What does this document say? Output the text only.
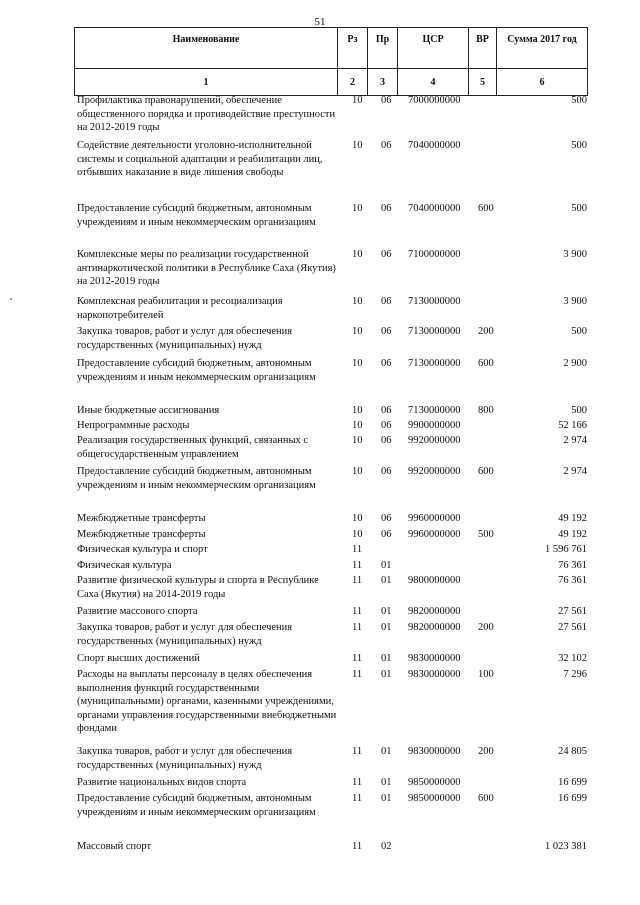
51
Наименование	Рз	Пр	ЦСР	ВР	Сумма 2017 год
1	2	3	4	5	6
Профилактика правонарушений, обеспечение общественного порядка и противодействие преступности на 2012-2019 годы
10 06 7000000000	500
Содействие деятельности уголовно-исполнительной системы и социальной адаптации и реабилитации лиц, отбывших наказание в виде лишения свободы
10 06 7040000000	500
Предоставление субсидий бюджетным, автономным учреждениям и иным некоммерческим организациям
10 06 7040000000 600	500
Комплексные меры по реализации государственной антинаркотической политики в Республике Саха (Якутия) на 2012-2019 годы
10 06 7100000000	3 900
Комплексная реабилитация и ресоциализация наркопотребителей
10 06 7130000000	3 900
Закупка товаров, работ и услуг для обеспечения государственных (муниципальных) нужд
10 06 7130000000 200	500
Предоставление субсидий бюджетным, автономным учреждениям и иным некоммерческим организациям
10 06 7130000000 600	2 900
Иные бюджетные ассигнования	10 06 7130000000 800	500
Непрограммные расходы	10 06 9900000000	52 166
Реализация государственных функций, связанных с общегосударственным управлением
10 06 9920000000	2 974
Предоставление субсидий бюджетным, автономным учреждениям и иным некоммерческим организациям
10 06 9920000000 600	2 974
Межбюджетные трансферты	10 06 9960000000	49 192
Межбюджетные трансферты	10 06 9960000000 500	49 192
Физическая культура и спорт	11	1 596 761
Физическая культура	11 01	76 361
Развитие физической культуры и спорта в Республике Саха (Якутия) на 2014-2019 годы
11 01 9800000000	76 361
Развитие массового спорта	11 01 9820000000	27 561
Закупка товаров, работ и услуг для обеспечения государственных (муниципальных) нужд
11 01 9820000000 200	27 561
Спорт высших достижений	11 01 9830000000	32 102
Расходы на выплаты персоналу в целях обеспечения выполнения функций государственными (муниципальными) органами, казенными учреждениями, органами управления государственными внебюджетными фондами
11 01 9830000000 100	7 296
Закупка товаров, работ и услуг для обеспечения государственных (муниципальных) нужд
11 01 9830000000 200	24 805
Развитие национальных видов спорта	11 01 9850000000	16 699
Предоставление субсидий бюджетным, автономным учреждениям и иным некоммерческим организациям
11 01 9850000000 600	16 699
Массовый спорт	11 02	1 023 381
